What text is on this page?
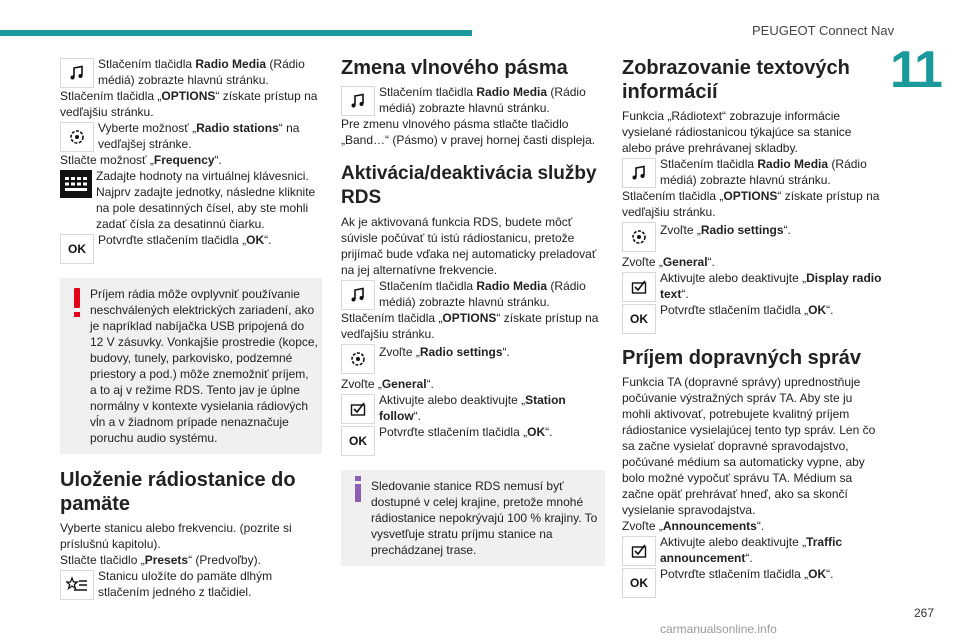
PEUGEOT Connect Nav
11
Stlačením tlačidla Radio Media (Rádio médiá) zobrazte hlavnú stránku.

Stlačením tlačidla „OPTIONS“ získate prístup na vedľajšiu stránku.

Vyberte možnosť „Radio stations“ na vedľajšej stránke.

Stlačte možnosť „Frequency“.

Zadajte hodnoty na virtuálnej klávesnici. Najprv zadajte jednotky, následne kliknite na pole desatinných čísel, aby ste mohli zadať čísla za desatinnú čiarku.
OK
Potvrďte stlačením tlačidla „OK“.
Príjem rádia môže ovplyvniť používanie neschválených elektrických zariadení, ako je napríklad nabíjačka USB pripojená do 12 V zásuvky. Vonkajšie prostredie (kopce, budovy, tunely, parkovisko, podzemné priestory a pod.) môže znemožniť príjem, a to aj v režime RDS. Tento jav je úplne normálny v kontexte vysielania rádiových vĺn a v žiadnom prípade nenaznačuje poruchu audio systému.
Uloženie rádiostanice do pamäte

Vyberte stanicu alebo frekvenciu. (pozrite si príslušnú kapitolu).

Stlačte tlačidlo „Presets“ (Predvoľby).

Stanicu uložíte do pamäte dlhým stlačením jedného z tlačidiel.
Zmena vlnového pásma
Stlačením tlačidla Radio Media (Rádio médiá) zobrazte hlavnú stránku.

Pre zmenu vlnového pásma stlačte tlačidlo „Band…“ (Pásmo) v pravej hornej časti displeja.

Aktivácia/deaktivácia služby RDS

Ak je aktivovaná funkcia RDS, budete môcť súvisle počúvať tú istú rádiostanicu, pretože prijímač bude vďaka nej automaticky preladovať na jej alternatívne frekvencie.

Stlačením tlačidla Radio Media (Rádio médiá) zobrazte hlavnú stránku.

Stlačením tlačidla „OPTIONS“ získate prístup na vedľajšiu stránku.

Zvoľte „Radio settings“.

Zvoľte „General“.

Aktivujte alebo deaktivujte „Station follow“.
OK
Potvrďte stlačením tlačidla „OK“.
Sledovanie stanice RDS nemusí byť dostupné v celej krajine, pretože mnohé rádiostanice nepokrývajú 100 % krajiny. To vysvetľuje stratu príjmu stanice na prechádzanej trase.
Zobrazovanie textových informácií

Funkcia „Rádiotext“ zobrazuje informácie vysielané rádiostanicou týkajúce sa stanice alebo práve prehrávanej skladby.

Stlačením tlačidla Radio Media (Rádio médiá) zobrazte hlavnú stránku.

Stlačením tlačidla „OPTIONS“ získate prístup na vedľajšiu stránku.

Zvoľte „Radio settings“.

Zvoľte „General“.

Aktivujte alebo deaktivujte „Display radio text“.
OK
Potvrďte stlačením tlačidla „OK“.
Príjem dopravných správ

Funkcia TA (dopravné správy) uprednostňuje počúvanie výstražných správ TA. Aby ste ju mohli aktivovať, potrebujete kvalitný príjem rádiostanice vysielajúcej tento typ správ. Len čo sa začne vysielať dopravné spravodajstvo, počúvané médium sa automaticky vypne, aby bolo možné vypočuť správu TA. Médium sa začne opäť prehrávať hneď, ako sa skončí vysielanie spravodajstva.

Zvoľte „Announcements“.

Aktivujte alebo deaktivujte „Traffic announcement“.
OK
Potvrďte stlačením tlačidla „OK“.
267
carmanualsonline.info
